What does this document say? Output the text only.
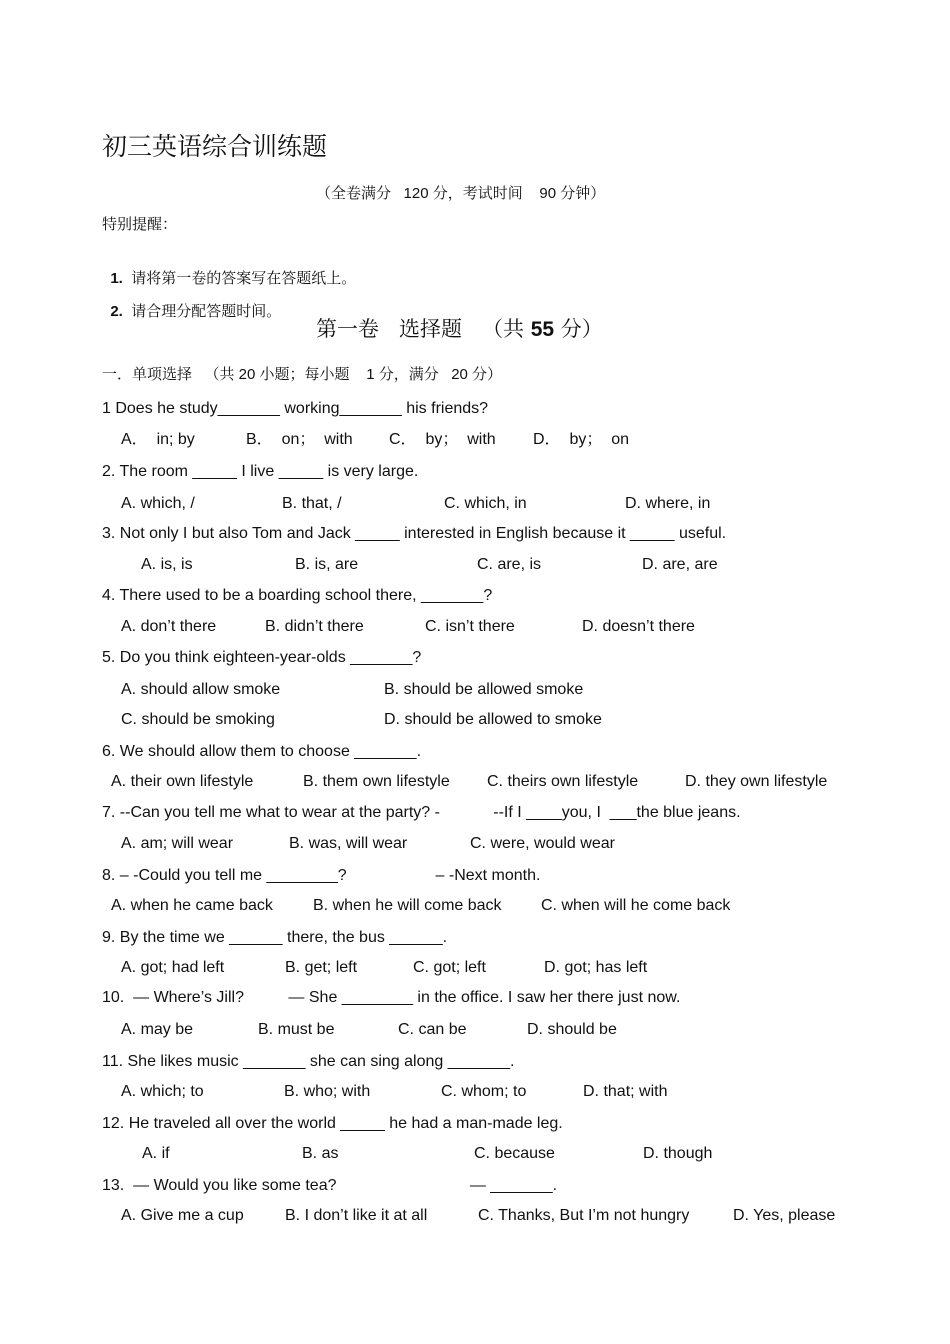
初三英语综合训练题
（全卷满分   120 分，考试时间    90 分钟）
特别提醒：

1. 请将第一卷的答案写在答题纸上。

2. 请合理分配答题时间。

第一卷   选择题   （共 55 分）
一．单项选择   （共 20 小题；每小题    1 分，满分   20 分）
1 Does he study_______ working_______ his friends?
A．  in; by	B．  on；  with C．  by；  with D．  by；  on
2. The room _____ I live _____ is very large.
A. which, /	B. that, /	C. which, in	D. where, in
3. Not only I but also Tom and Jack _____ interested in English because it _____ useful.
A. is, is	B. is, are	C. are, is	D. are, are
4. There used to be a boarding school there, _______?
A. don’t there	B. didn’t there	C. isn’t there	D. doesn’t there
5. Do you think eighteen-year-olds _______?
A. should allow smoke	B. should be allowed smoke
C. should be smoking	D. should be allowed to smoke
6. We should allow them to choose _______.
A. their own lifestyle	B. them own lifestyle C. theirs own lifestyle	D. they own lifestyle
7. --Can you tell me what to wear at the party? -            --If I ____you, I  ___the blue jeans.
A. am; will wear	B. was, will wear	C. were, would wear
8. – -Could you tell me ________?                    – -Next month.
A. when he came back	B. when he will come back C. when will he come back
9. By the time we ______ there, the bus ______.
A. got; had left	B. get; left	C. got; left	D. got; has left
10.  — Where’s Jill?          — She ________ in the office. I saw her there just now.
A. may be	B. must be	C. can be	D. should be
11. She likes music _______ she can sing along _______.
A. which; to	B. who; with	C. whom; to	D. that; with
12. He traveled all over the world _____ he had a man-made leg.
A. if	B. as	C. because	D. though
13.  — Would you like some tea?                              — _______.
A. Give me a cup	B. I don’t like it at all	C. Thanks, But I’m not hungry	D. Yes, please
